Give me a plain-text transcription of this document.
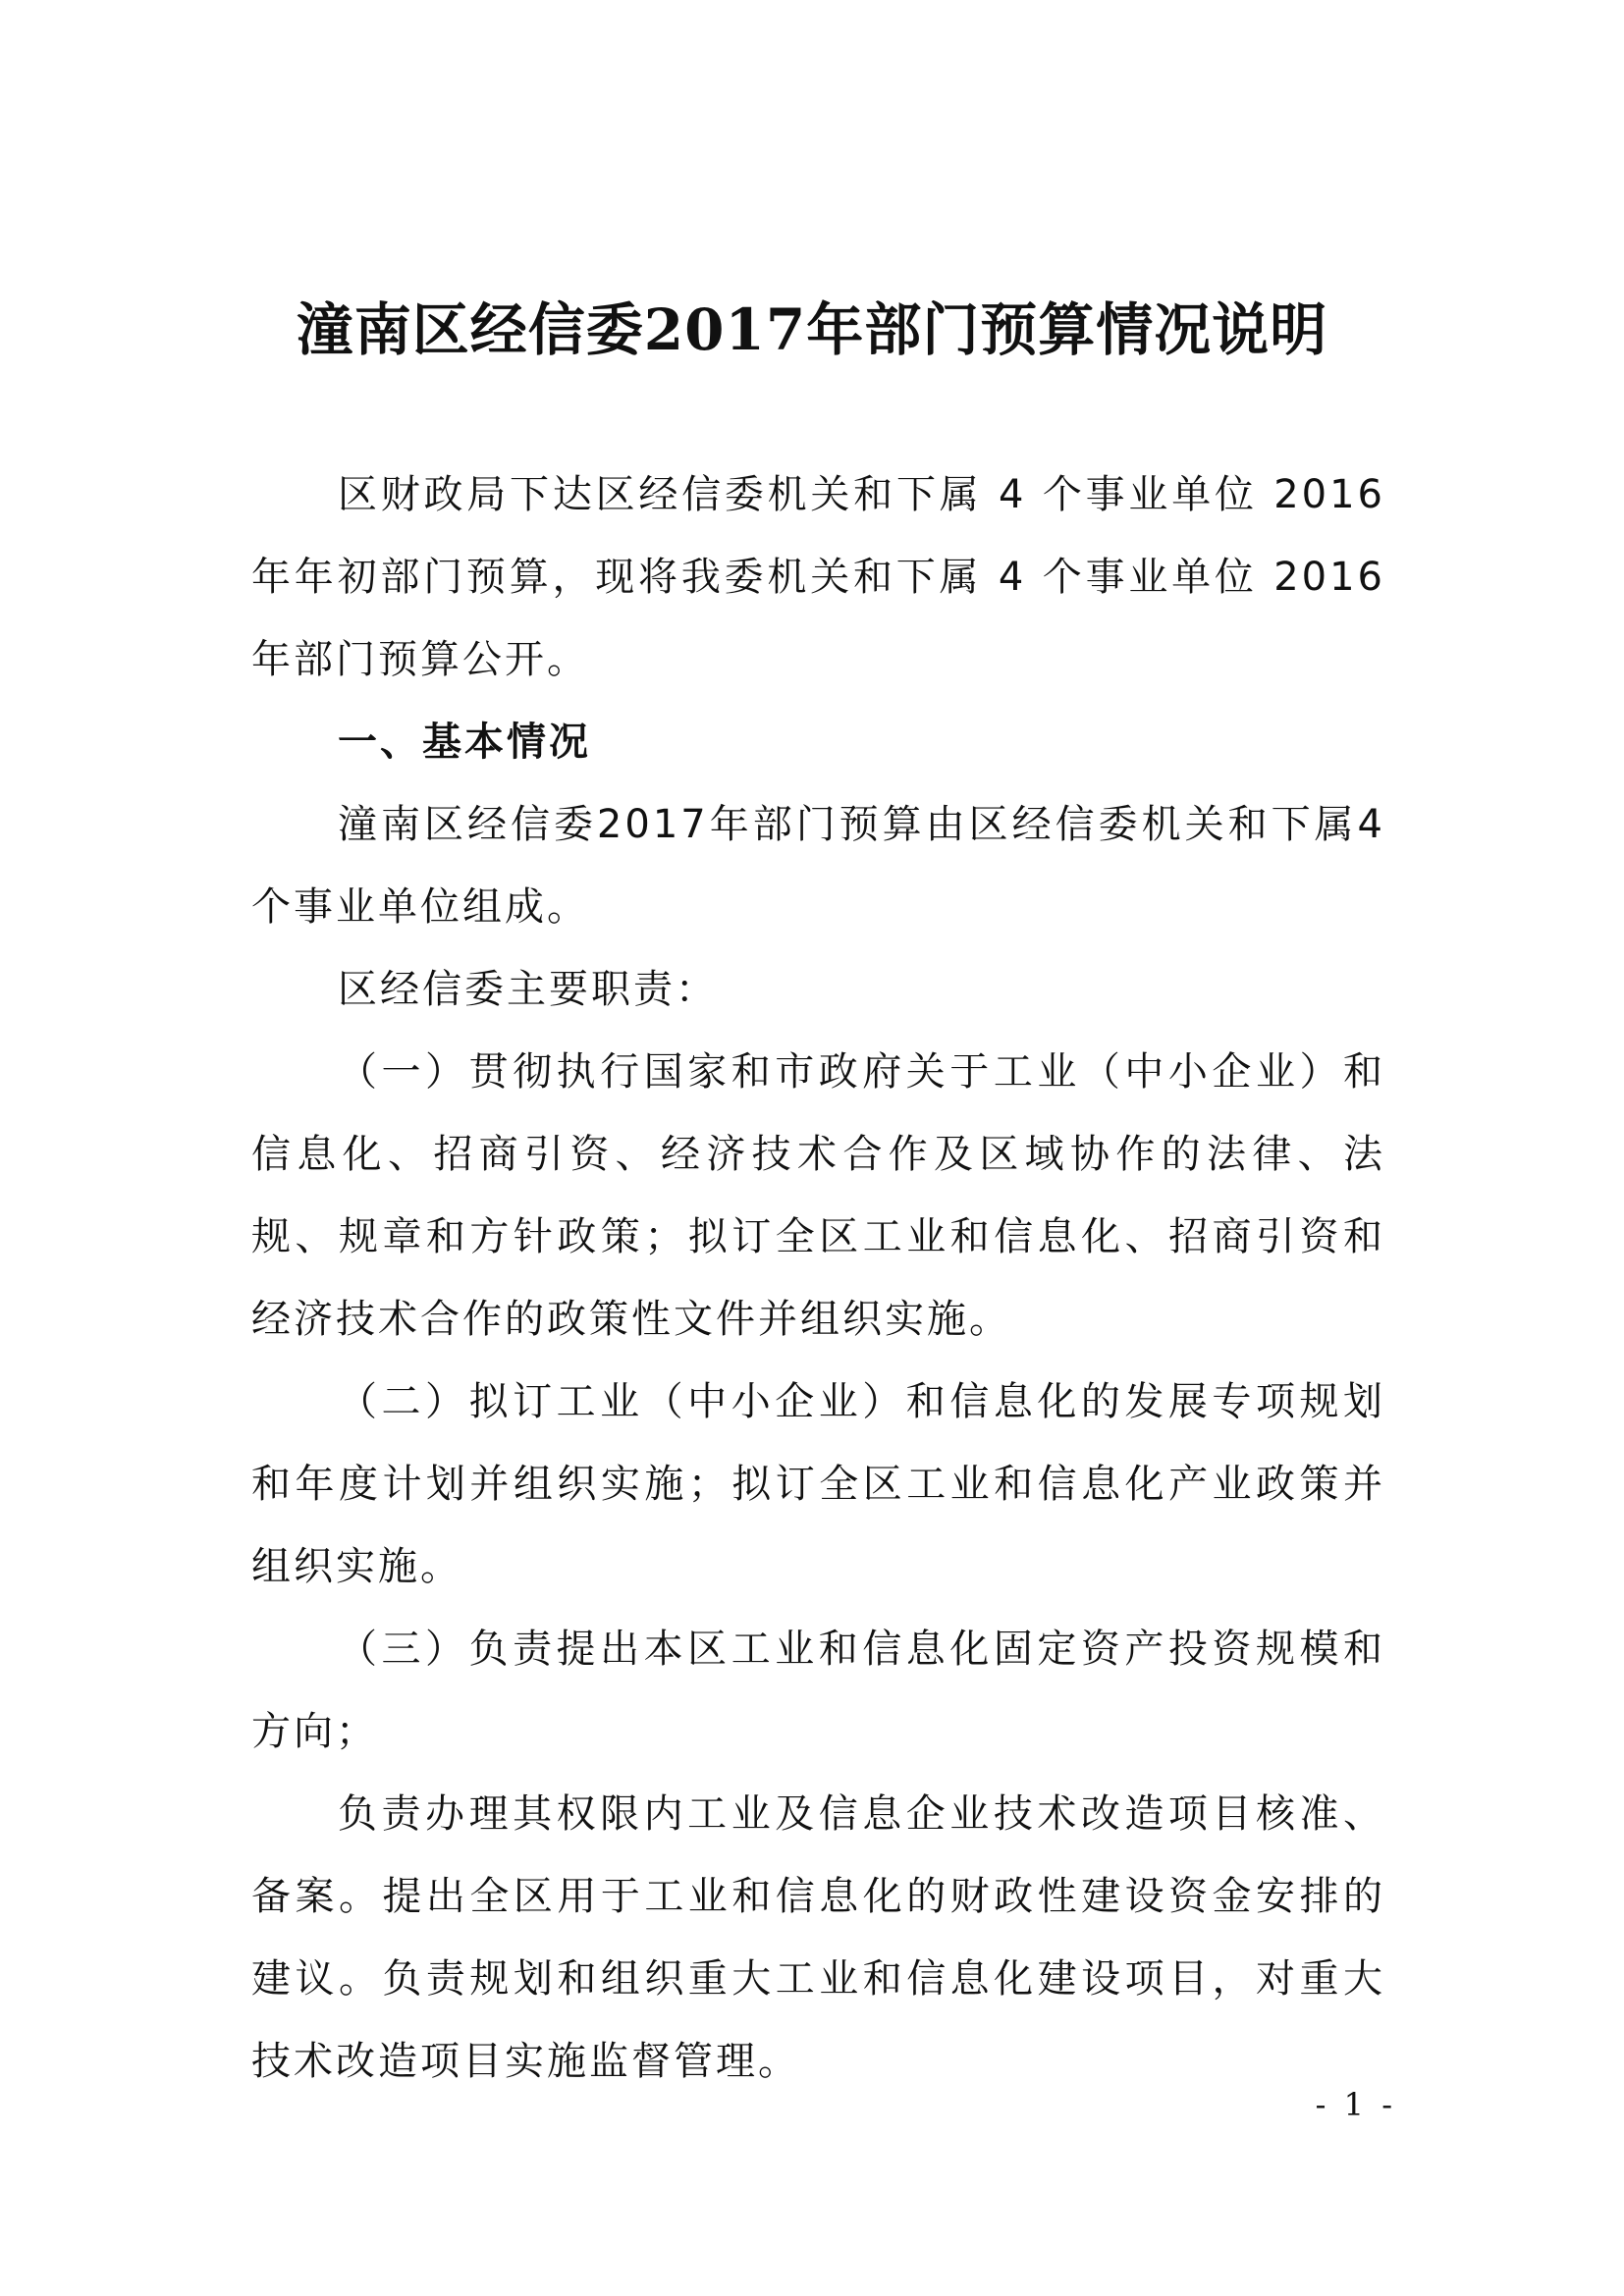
潼南区经信委2017年部门预算情况说明

区财政局下达区经信委机关和下属 4 个事业单位 2016 年年初部门预算，现将我委机关和下属 4 个事业单位 2016 年部门预算公开。

一、基本情况

潼南区经信委2017年部门预算由区经信委机关和下属4个事业单位组成。

区经信委主要职责：

（一）贯彻执行国家和市政府关于工业（中小企业）和信息化、招商引资、经济技术合作及区域协作的法律、法规、规章和方针政策；拟订全区工业和信息化、招商引资和经济技术合作的政策性文件并组织实施。

（二）拟订工业（中小企业）和信息化的发展专项规划和年度计划并组织实施；拟订全区工业和信息化产业政策并组织实施。

（三）负责提出本区工业和信息化固定资产投资规模和方向；

负责办理其权限内工业及信息企业技术改造项目核准、备案。提出全区用于工业和信息化的财政性建设资金安排的建议。负责规划和组织重大工业和信息化建设项目，对重大技术改造项目实施监督管理。

- 1 -
